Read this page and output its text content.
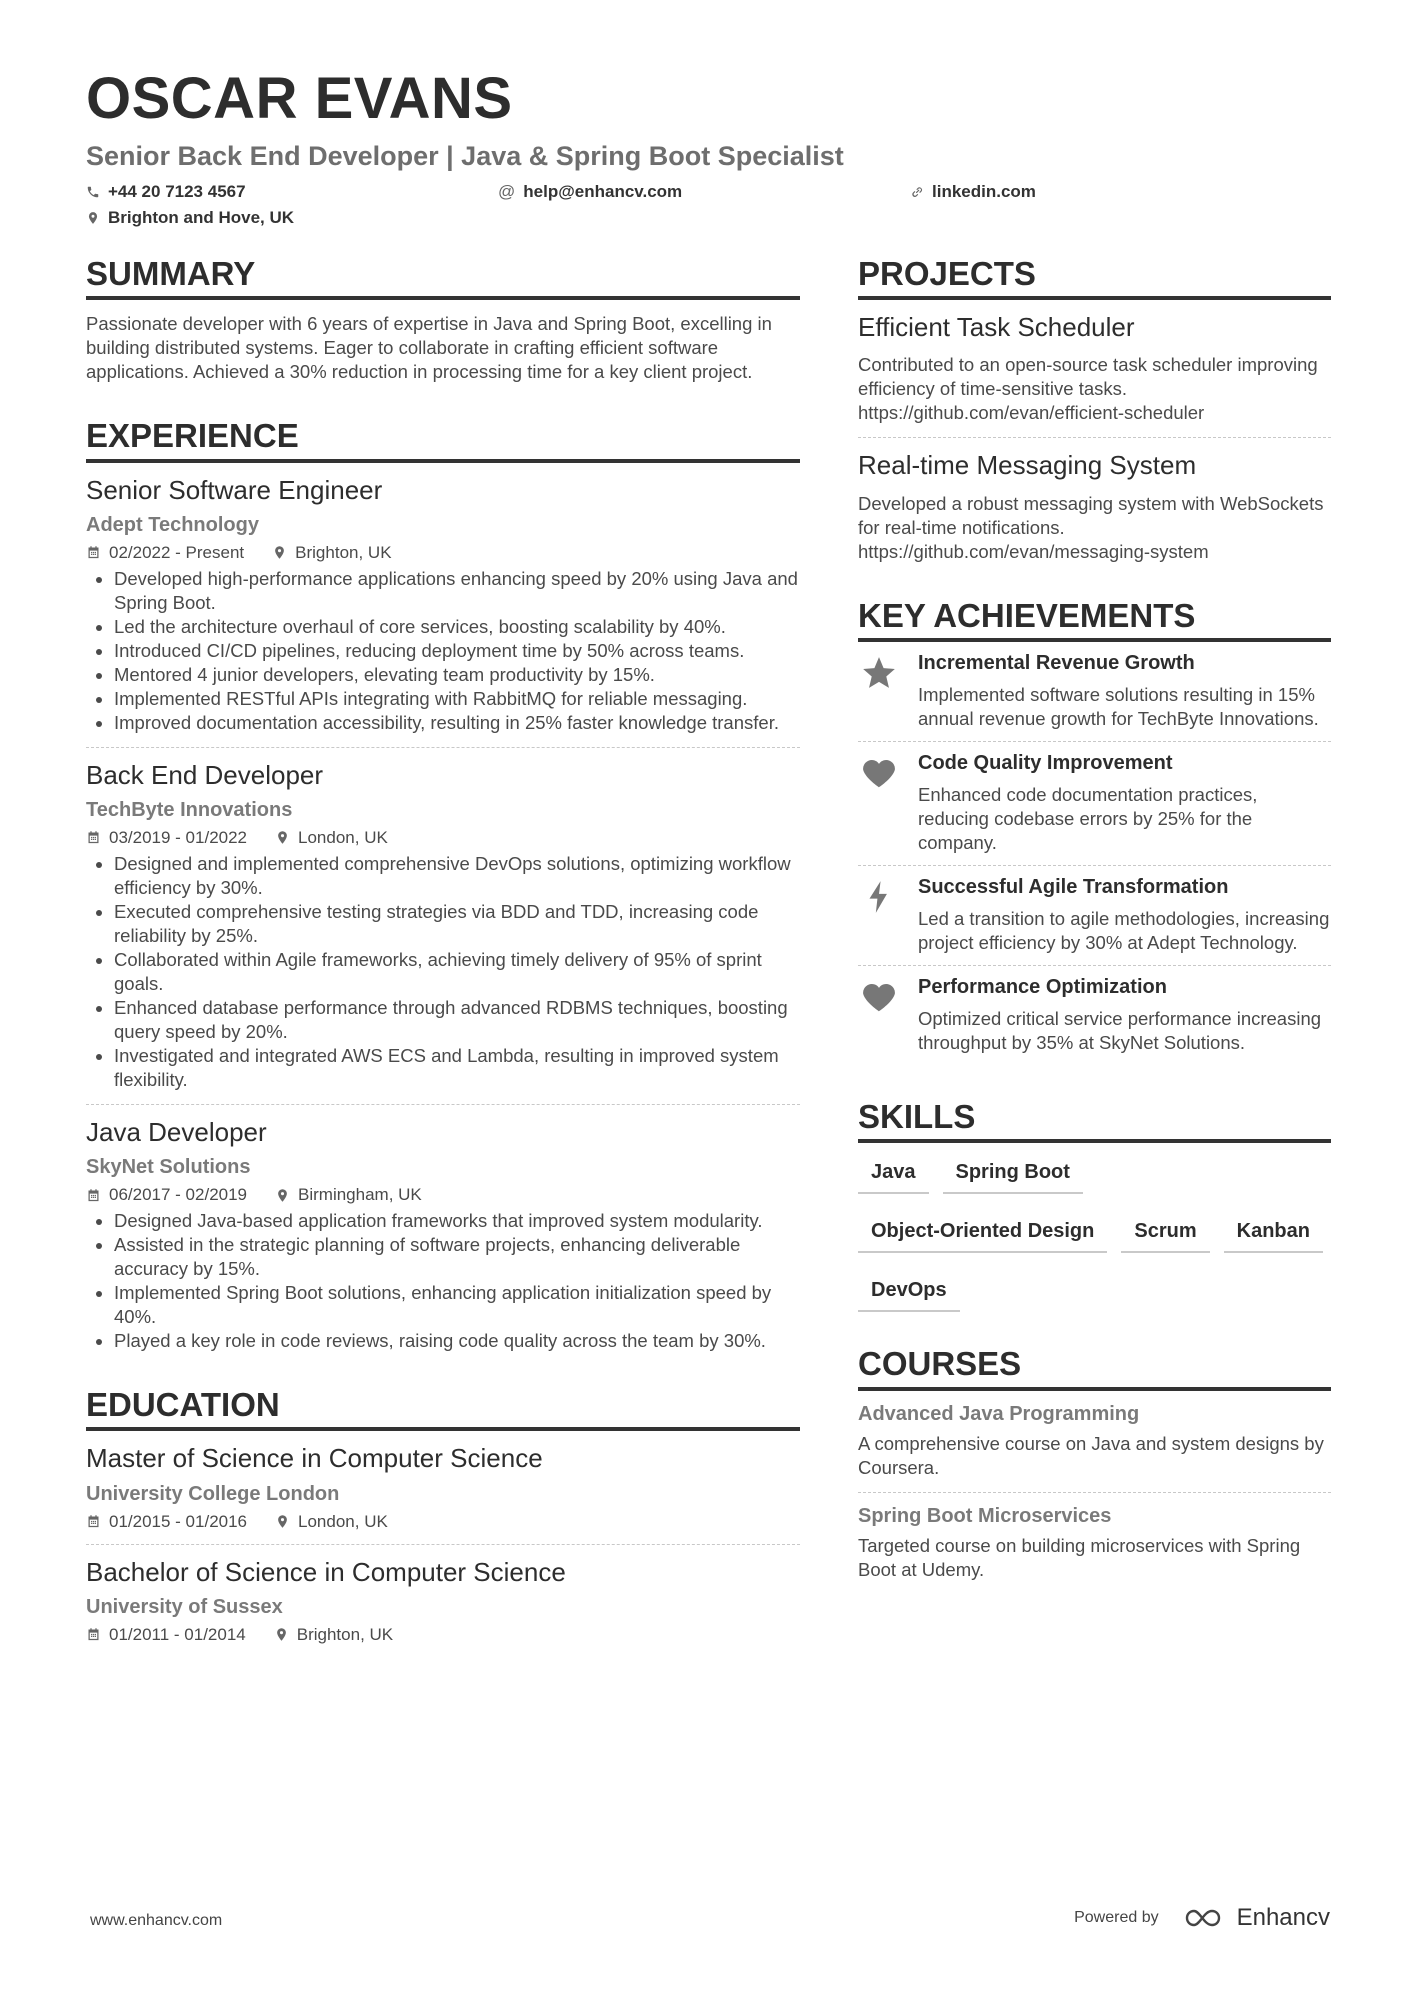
OSCAR EVANS
Senior Back End Developer | Java & Spring Boot Specialist
+44 20 7123 4567	@ help@enhancv.com	linkedin.com
Brighton and Hove, UK
SUMMARY
Passionate developer with 6 years of expertise in Java and Spring Boot, excelling in building distributed systems. Eager to collaborate in crafting efficient software applications. Achieved a 30% reduction in processing time for a key client project.
EXPERIENCE
Senior Software Engineer
Adept Technology
02/2022 - Present	Brighton, UK
• Developed high-performance applications enhancing speed by 20% using Java and Spring Boot.
• Led the architecture overhaul of core services, boosting scalability by 40%.
• Introduced CI/CD pipelines, reducing deployment time by 50% across teams.
• Mentored 4 junior developers, elevating team productivity by 15%.
• Implemented RESTful APIs integrating with RabbitMQ for reliable messaging.
• Improved documentation accessibility, resulting in 25% faster knowledge transfer.
Back End Developer
TechByte Innovations
03/2019 - 01/2022	London, UK
• Designed and implemented comprehensive DevOps solutions, optimizing workflow efficiency by 30%.
• Executed comprehensive testing strategies via BDD and TDD, increasing code reliability by 25%.
• Collaborated within Agile frameworks, achieving timely delivery of 95% of sprint goals.
• Enhanced database performance through advanced RDBMS techniques, boosting query speed by 20%.
• Investigated and integrated AWS ECS and Lambda, resulting in improved system flexibility.
Java Developer
SkyNet Solutions
06/2017 - 02/2019	Birmingham, UK
• Designed Java-based application frameworks that improved system modularity.
• Assisted in the strategic planning of software projects, enhancing deliverable accuracy by 15%.
• Implemented Spring Boot solutions, enhancing application initialization speed by 40%.
• Played a key role in code reviews, raising code quality across the team by 30%.
EDUCATION
Master of Science in Computer Science
University College London
01/2015 - 01/2016	London, UK
Bachelor of Science in Computer Science
University of Sussex
01/2011 - 01/2014	Brighton, UK
PROJECTS
Efficient Task Scheduler
Contributed to an open-source task scheduler improving efficiency of time-sensitive tasks.
https://github.com/evan/efficient-scheduler
Real-time Messaging System
Developed a robust messaging system with WebSockets for real-time notifications.
https://github.com/evan/messaging-system
KEY ACHIEVEMENTS
Incremental Revenue Growth
Implemented software solutions resulting in 15% annual revenue growth for TechByte Innovations.
Code Quality Improvement
Enhanced code documentation practices, reducing codebase errors by 25% for the company.
Successful Agile Transformation
Led a transition to agile methodologies, increasing project efficiency by 30% at Adept Technology.
Performance Optimization
Optimized critical service performance increasing throughput by 35% at SkyNet Solutions.
SKILLS
Java	Spring Boot
Object-Oriented Design	Scrum	Kanban
DevOps
COURSES
Advanced Java Programming
A comprehensive course on Java and system designs by Coursera.
Spring Boot Microservices
Targeted course on building microservices with Spring Boot at Udemy.
www.enhancv.com	Powered by	Enhancv
